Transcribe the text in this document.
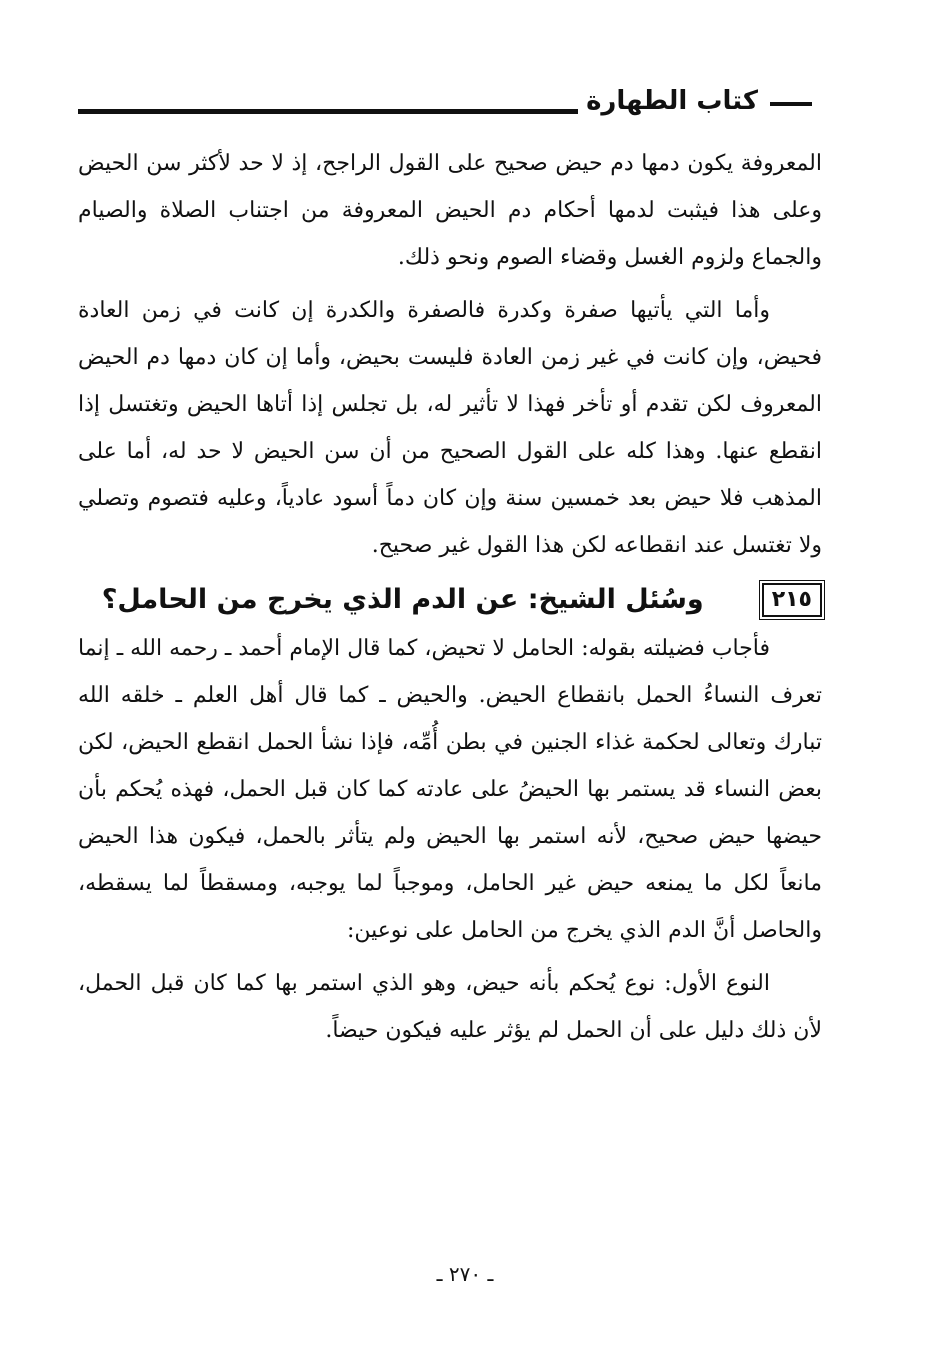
كتاب الطهارة

المعروفة يكون دمها دم حيض صحيح على القول الراجح، إذ لا حد لأكثر سن الحيض وعلى هذا فيثبت لدمها أحكام دم الحيض المعروفة من اجتناب الصلاة والصيام والجماع ولزوم الغسل وقضاء الصوم ونحو ذلك.

وأما التي يأتيها صفرة وكدرة فالصفرة والكدرة إن كانت في زمن العادة فحيض، وإن كانت في غير زمن العادة فليست بحيض، وأما إن كان دمها دم الحيض المعروف لكن تقدم أو تأخر فهذا لا تأثير له، بل تجلس إذا أتاها الحيض وتغتسل إذا انقطع عنها. وهذا كله على القول الصحيح من أن سن الحيض لا حد له، أما على المذهب فلا حيض بعد خمسين سنة وإن كان دماً أسود عادياً، وعليه فتصوم وتصلي ولا تغتسل عند انقطاعه لكن هذا القول غير صحيح.

٢١٥
وسُئل الشيخ: عن الدم الذي يخرج من الحامل؟

فأجاب فضيلته بقوله: الحامل لا تحيض، كما قال الإمام أحمد ـ رحمه الله ـ إنما تعرف النساءُ الحمل بانقطاع الحيض. والحيض ـ كما قال أهل العلم ـ خلقه الله تبارك وتعالى لحكمة غذاء الجنين في بطن أُمِّه، فإذا نشأ الحمل انقطع الحيض، لكن بعض النساء قد يستمر بها الحيضُ على عادته كما كان قبل الحمل، فهذه يُحكم بأن حيضها حيض صحيح، لأنه استمر بها الحيض ولم يتأثر بالحمل، فيكون هذا الحيض مانعاً لكل ما يمنعه حيض غير الحامل، وموجباً لما يوجبه، ومسقطاً لما يسقطه، والحاصل أنَّ الدم الذي يخرج من الحامل على نوعين:

النوع الأول: نوع يُحكم بأنه حيض، وهو الذي استمر بها كما كان قبل الحمل، لأن ذلك دليل على أن الحمل لم يؤثر عليه فيكون حيضاً.

ـ ٢٧٠ ـ
